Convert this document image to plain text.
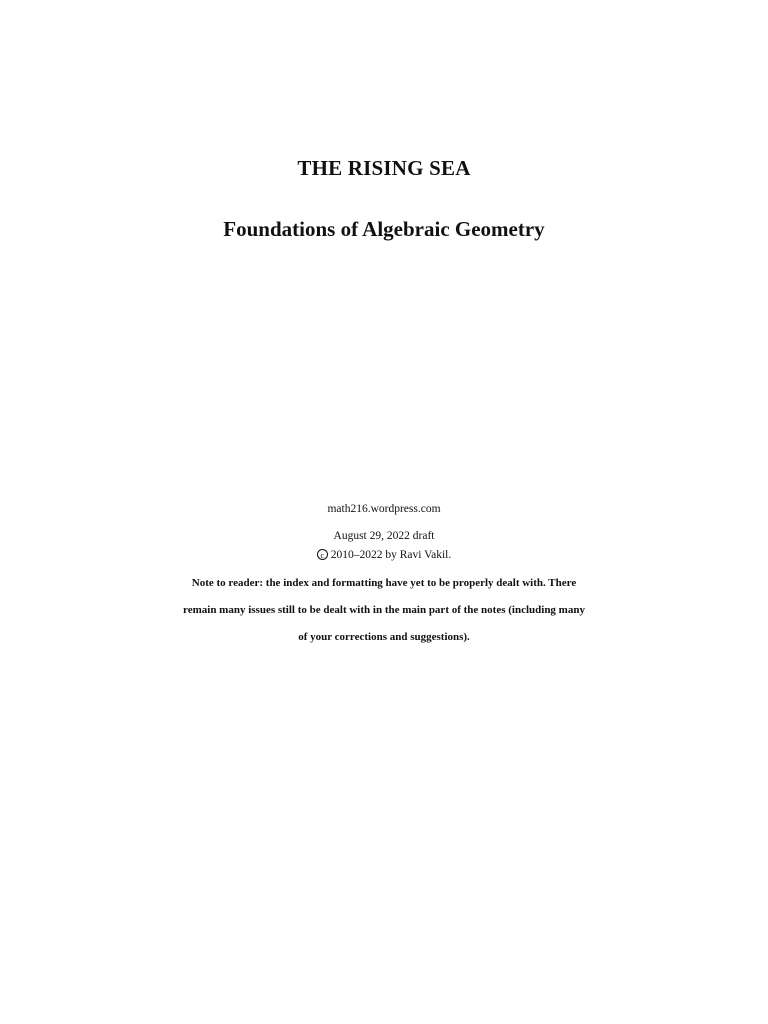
THE RISING SEA
Foundations of Algebraic Geometry
math216.wordpress.com
August 29, 2022 draft
c 2010–2022 by Ravi Vakil.
Note to reader: the index and formatting have yet to be properly dealt with. There
remain many issues still to be dealt with in the main part of the notes (including many
of your corrections and suggestions).
